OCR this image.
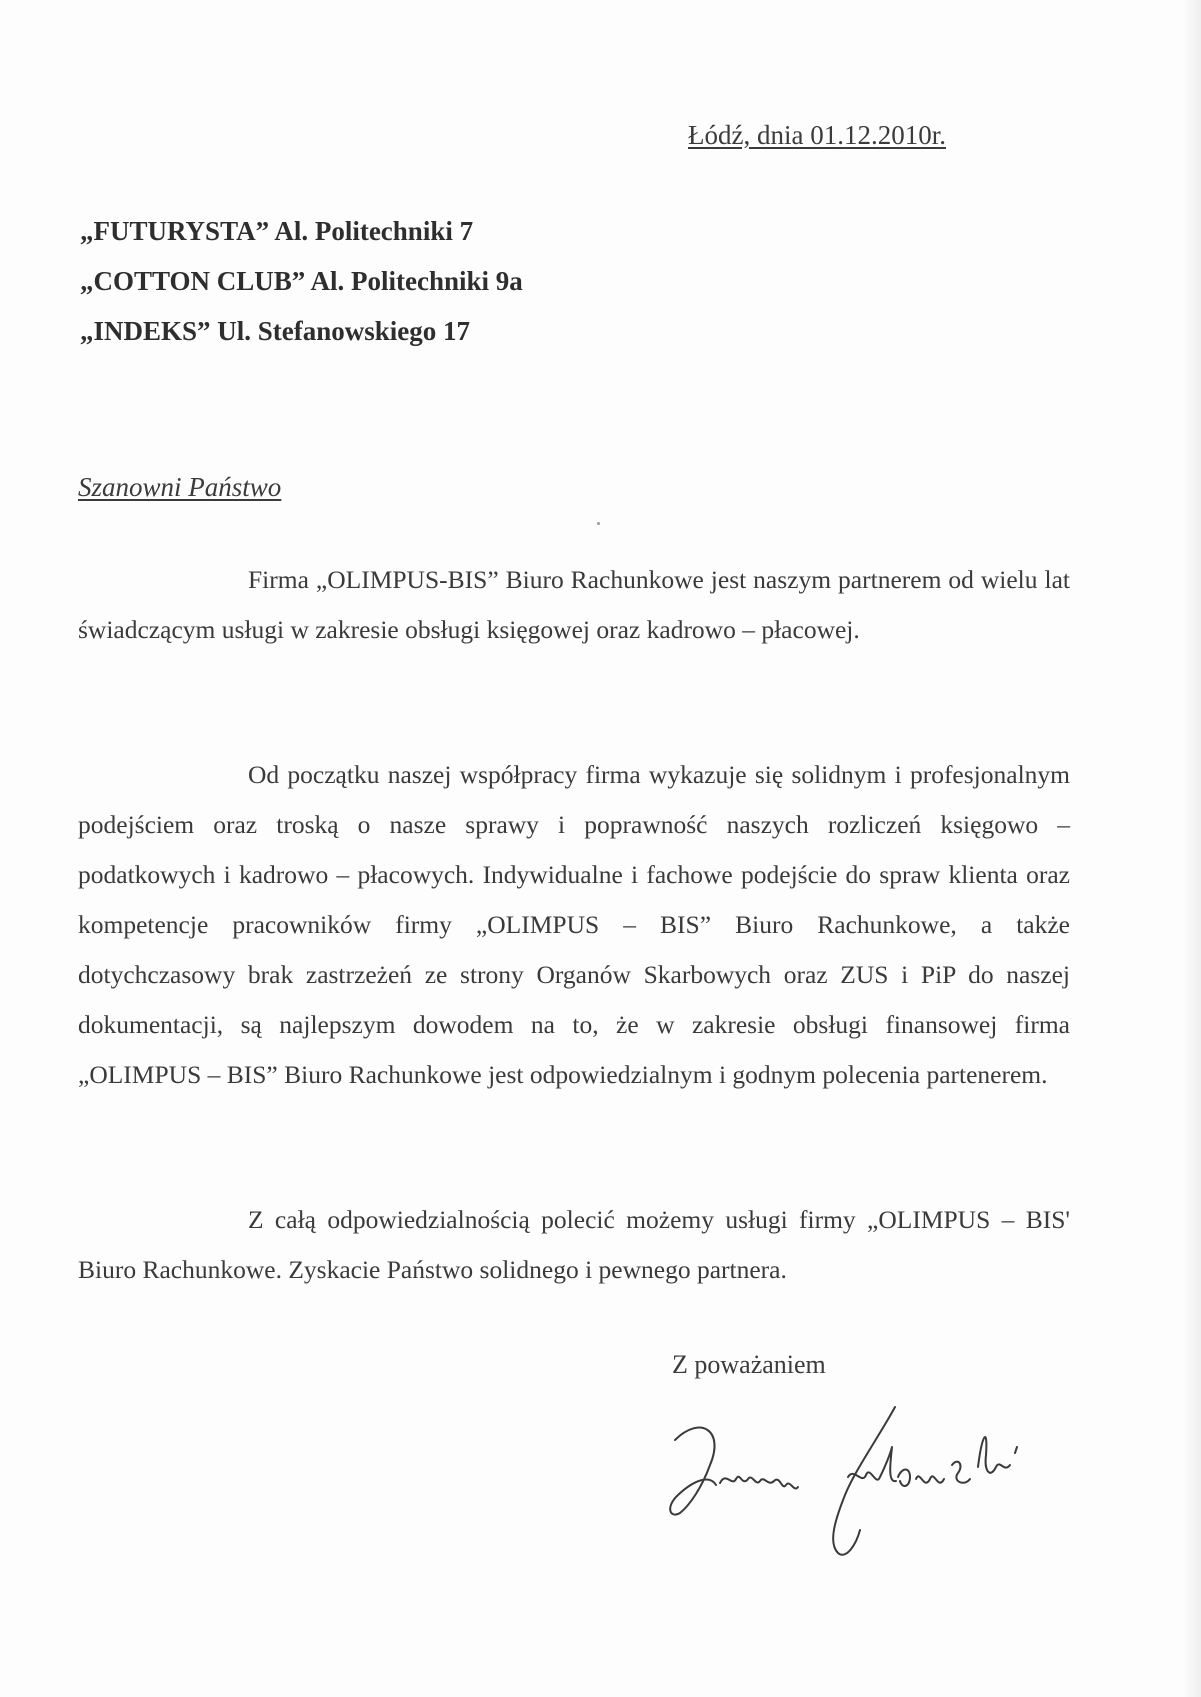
Łódź, dnia 01.12.2010r.
„FUTURYSTA” Al. Politechniki 7
„COTTON CLUB” Al. Politechniki 9a
„INDEKS” Ul. Stefanowskiego 17
Szanowni Państwo

Firma „OLIMPUS-BIS” Biuro Rachunkowe jest naszym partnerem od wielu lat świadczącym usługi w zakresie obsługi księgowej oraz kadrowo – płacowej.

Od początku naszej współpracy firma wykazuje się solidnym i profesjonalnym podejściem oraz troską o nasze sprawy i poprawność naszych rozliczeń księgowo – podatkowych i kadrowo – płacowych. Indywidualne i fachowe podejście do spraw klienta oraz kompetencje pracowników firmy „OLIMPUS – BIS” Biuro Rachunkowe, a także dotychczasowy brak zastrzeżeń ze strony Organów Skarbowych oraz ZUS i PiP do naszej dokumentacji, są najlepszym dowodem na to, że w zakresie obsługi finansowej firma „OLIMPUS – BIS” Biuro Rachunkowe jest odpowiedzialnym i godnym polecenia partenerem.

Z całą odpowiedzialnością polecić możemy usługi firmy „OLIMPUS – BIS' Biuro Rachunkowe. Zyskacie Państwo solidnego i pewnego partnera.

Z poważaniem
